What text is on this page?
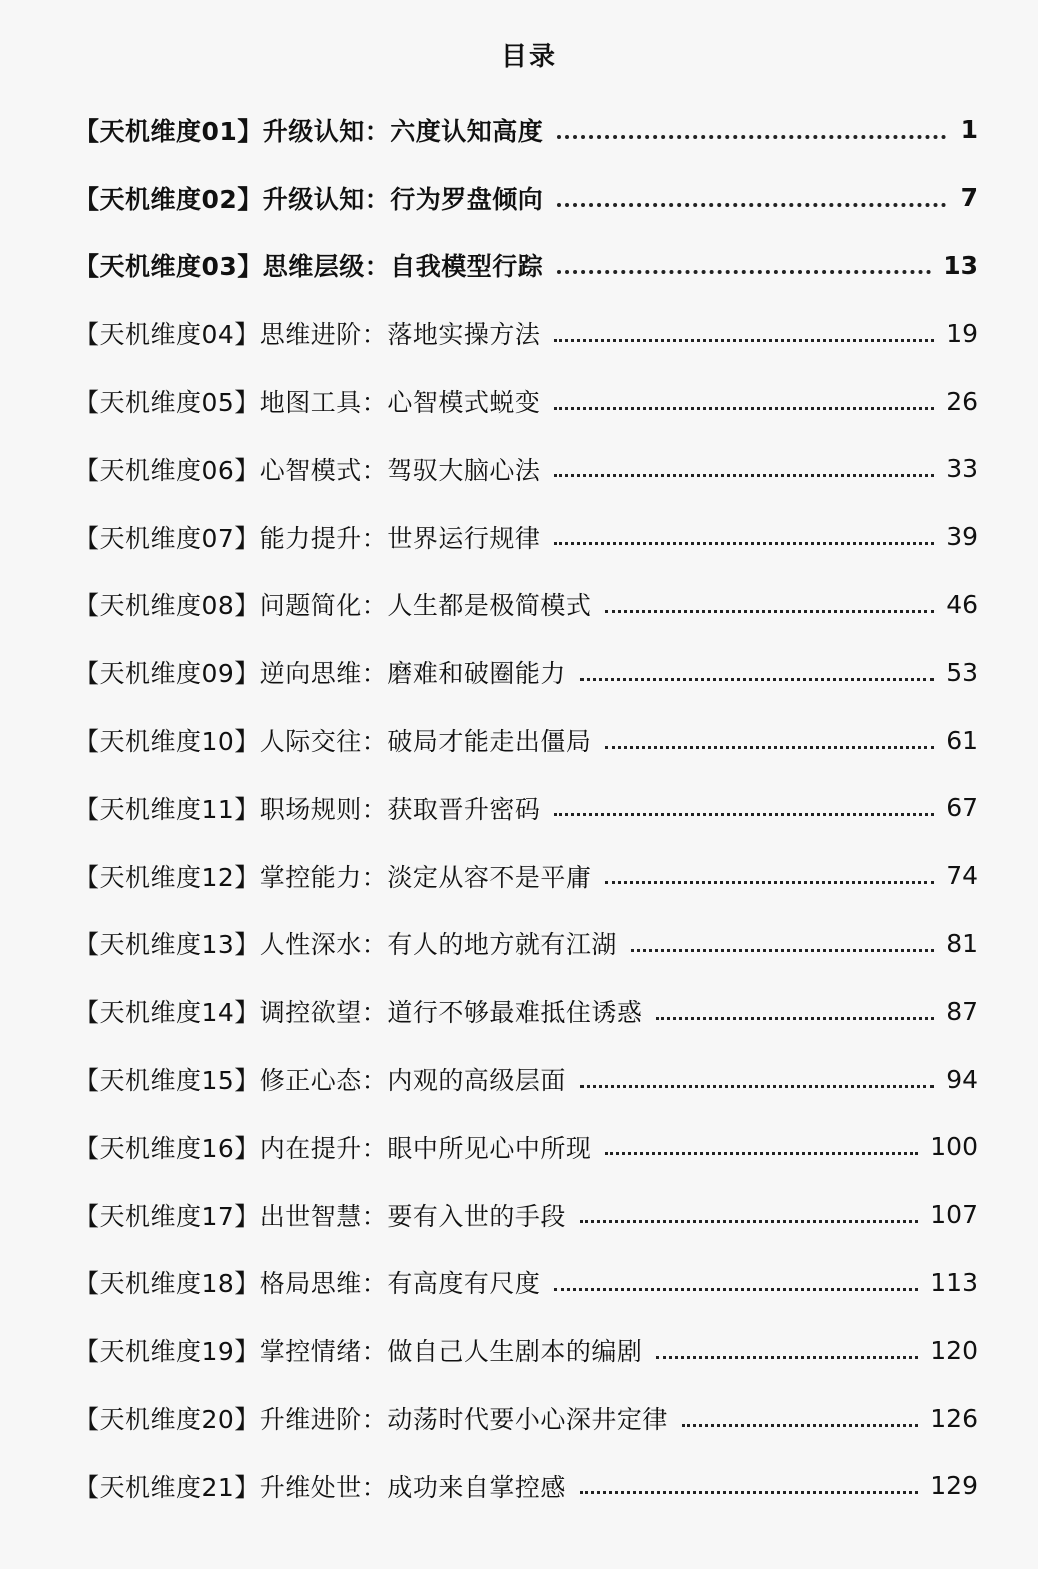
目录
【天机维度01】升级认知：六度认知高度	1
【天机维度02】升级认知：行为罗盘倾向	7
【天机维度03】思维层级：自我模型行踪	13
【天机维度04】思维进阶：落地实操方法	19
【天机维度05】地图工具：心智模式蜕变	26
【天机维度06】心智模式：驾驭大脑心法	33
【天机维度07】能力提升：世界运行规律	39
【天机维度08】问题简化：人生都是极简模式	46
【天机维度09】逆向思维：磨难和破圈能力	53
【天机维度10】人际交往：破局才能走出僵局	61
【天机维度11】职场规则：获取晋升密码	67
【天机维度12】掌控能力：淡定从容不是平庸	74
【天机维度13】人性深水：有人的地方就有江湖	81
【天机维度14】调控欲望：道行不够最难抵住诱惑	87
【天机维度15】修正心态：内观的高级层面	94
【天机维度16】内在提升：眼中所见心中所现	100
【天机维度17】出世智慧：要有入世的手段	107
【天机维度18】格局思维：有高度有尺度	113
【天机维度19】掌控情绪：做自己人生剧本的编剧	120
【天机维度20】升维进阶：动荡时代要小心深井定律	126
【天机维度21】升维处世：成功来自掌控感	129
